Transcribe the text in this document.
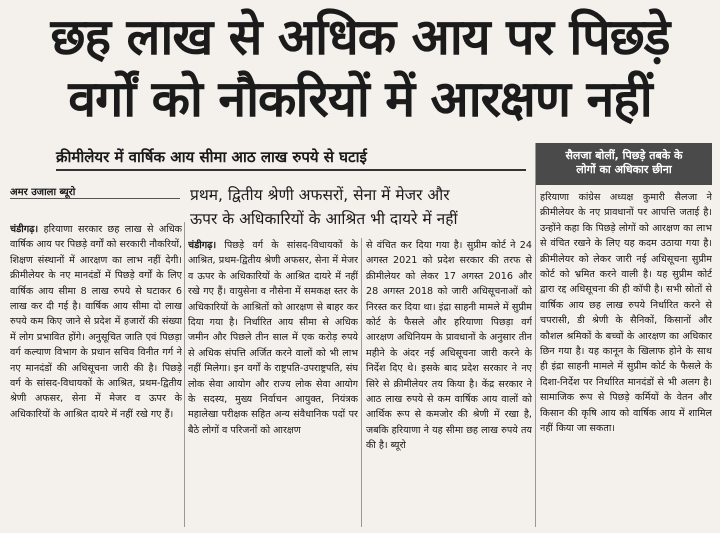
छह लाख से अधिक आय पर पिछड़े
वर्गों को नौकरियों में आरक्षण नहीं
क्रीमीलेयर में वार्षिक आय सीमा आठ लाख रुपये से घटाई	सैलजा बोलीं, पिछड़े तबके के
लोगों का अधिकार छीना
अमर उजाला ब्यूरो	प्रथम, द्वितीय श्रेणी अफसरों, सेना में मेजर और
ऊपर के अधिकारियों के आश्रित भी दायरे में नहीं

चंडीगढ़। हरियाणा सरकार छह लाख से अधिक वार्षिक आय पर पिछड़े वर्गों को सरकारी नौकरियों, शिक्षण संस्थानों में आरक्षण का लाभ नहीं देगी। क्रीमीलेयर के नए मानदंडों में पिछड़े वर्गों के लिए वार्षिक आय सीमा 8 लाख रुपये से घटाकर 6 लाख कर दी गई है। वार्षिक आय सीमा दो लाख रुपये कम किए जाने से प्रदेश में हजारों की संख्या में लोग प्रभावित होंगे। अनुसूचित जाति एवं पिछड़ा वर्ग कल्याण विभाग के प्रधान सचिव विनीत गर्ग ने नए मानदंडों की अधिसूचना जारी की है। पिछड़े वर्ग के सांसद-विधायकों के आश्रित, प्रथम-द्वितीय श्रेणी अफसर, सेना में मेजर व ऊपर के अधिकारियों के आश्रित दायरे में नहीं रखे गए हैं।

चंडीगढ़। पिछड़े वर्ग के सांसद-विधायकों के आश्रित, प्रथम-द्वितीय श्रेणी अफसर, सेना में मेजर व ऊपर के अधिकारियों के आश्रित दायरे में नहीं रखे गए हैं। वायुसेना व नौसेना में समकक्ष स्तर के अधिकारियों के आश्रितों को आरक्षण से बाहर कर दिया गया है। निर्धारित आय सीमा से अधिक जमीन और पिछले तीन साल में एक करोड़ रुपये से अधिक संपत्ति अर्जित करने वालों को भी लाभ नहीं मिलेगा। इन वर्गों के राष्ट्रपति-उपराष्ट्रपति, संघ लोक सेवा आयोग और राज्य लोक सेवा आयोग के सदस्य, मुख्य निर्वाचन आयुक्त, नियंत्रक महालेखा परीक्षक सहित अन्य संवैधानिक पदों पर बैठे लोगों व परिजनों को आरक्षण

से वंचित कर दिया गया है। सुप्रीम कोर्ट ने 24 अगस्त 2021 को प्रदेश सरकार की तरफ से क्रीमीलेयर को लेकर 17 अगस्त 2016 और 28 अगस्त 2018 को जारी अधिसूचनाओं को निरस्त कर दिया था। इंद्रा साहनी मामले में सुप्रीम कोर्ट के फैसले और हरियाणा पिछड़ा वर्ग आरक्षण अधिनियम के प्रावधानों के अनुसार तीन महीने के अंदर नई अधिसूचना जारी करने के निर्देश दिए थे। इसके बाद प्रदेश सरकार ने नए सिरे से क्रीमीलेयर तय किया है। केंद्र सरकार ने आठ लाख रुपये से कम वार्षिक आय वालों को आर्थिक रूप से कमजोर की श्रेणी में रखा है, जबकि हरियाणा ने यह सीमा छह लाख रुपये तय की है। ब्यूरो

हरियाणा कांग्रेस अध्यक्ष कुमारी सैलजा ने क्रीमीलेयर के नए प्रावधानों पर आपत्ति जताई है। उन्होंने कहा कि पिछड़े लोगों को आरक्षण का लाभ से वंचित रखने के लिए यह कदम उठाया गया है। क्रीमीलेयर को लेकर जारी नई अधिसूचना सुप्रीम कोर्ट को भ्रमित करने वाली है। यह सुप्रीम कोर्ट द्वारा रद्द अधिसूचना की ही कॉपी है। सभी स्रोतों से वार्षिक आय छह लाख रुपये निर्धारित करने से चपरासी, डी श्रेणी के सैनिकों, किसानों और कौशल श्रमिकों के बच्चों के आरक्षण का अधिकार छिन गया है। यह कानून के खिलाफ होने के साथ ही इंद्रा साहनी मामले में सुप्रीम कोर्ट के फैसले के दिशा-निर्देश पर निर्धारित मानदंडों से भी अलग है। सामाजिक रूप से पिछड़े कर्मियों के वेतन और किसान की कृषि आय को वार्षिक आय में शामिल नहीं किया जा सकता।
